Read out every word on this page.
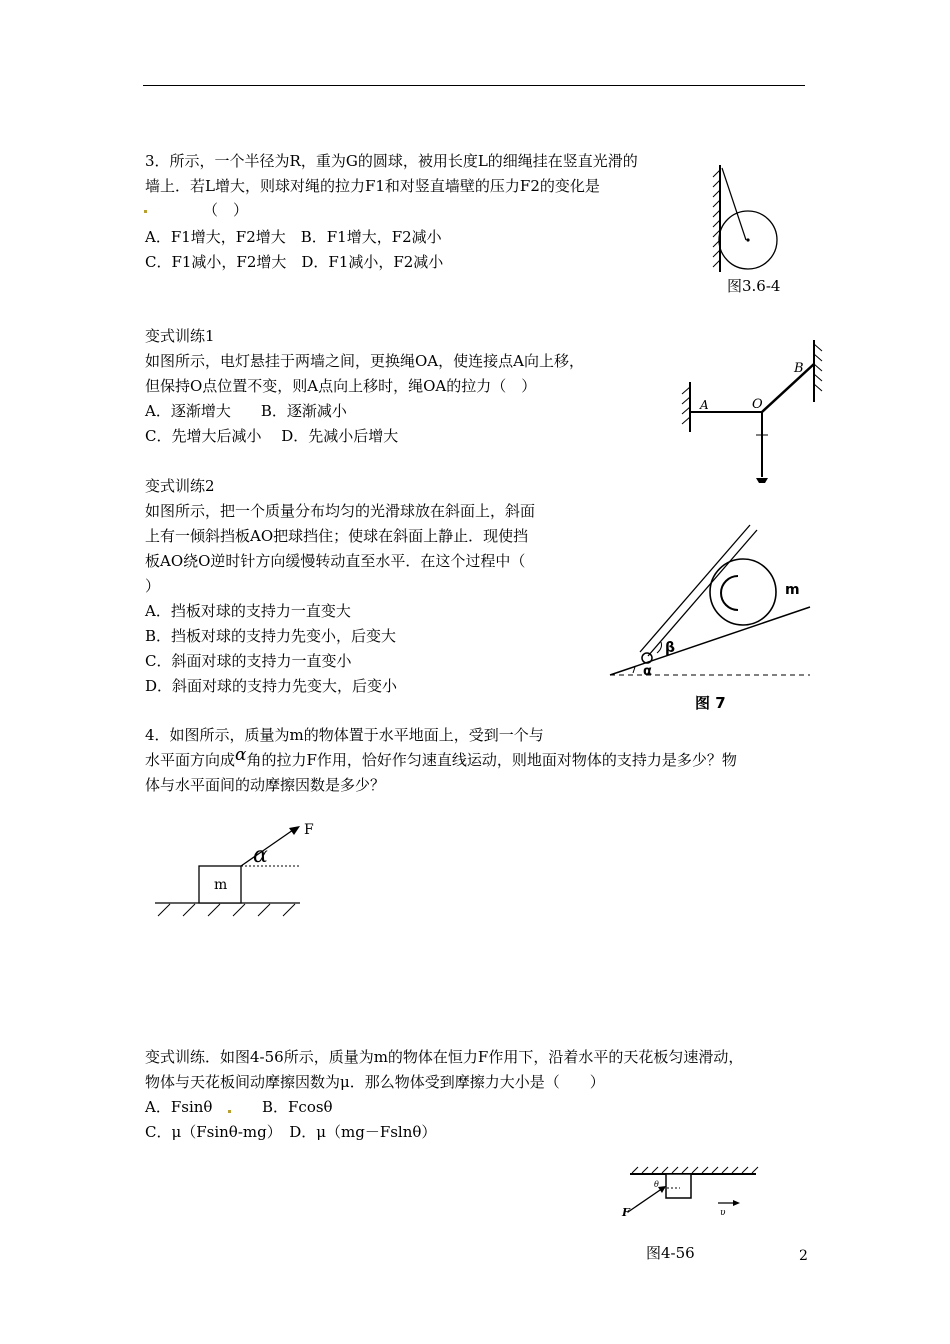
3．所示，一个半径为R，重为G的圆球，被用长度L的细绳挂在竖直光滑的
墙上．若L增大，则球对绳的拉力F1和对竖直墙壁的压力F2的变化是
（　）
A．F1增大，F2增大　B．F1增大，F2减小
C．F1减小，F2增大　D．F1减小，F2减小
图3.6-4
变式训练1
如图所示，电灯悬挂于两墙之间，更换绳OA，使连接点A向上移，
但保持O点位置不变，则A点向上移时，绳OA的拉力（　）
A．逐渐增大　　B．逐渐减小
C．先增大后减小　 D．先减小后增大
A	O
B
变式训练2
如图所示，把一个质量分布均匀的光滑球放在斜面上，斜面
上有一倾斜挡板AO把球挡住；使球在斜面上静止．现使挡
板AO绕O逆时针方向缓慢转动直至水平．在这个过程中（
）
A．挡板对球的支持力一直变大
B．挡板对球的支持力先变小，后变大
C．斜面对球的支持力一直变小
D．斜面对球的支持力先变大，后变小
m
β
α
图 7
4．如图所示，质量为m的物体置于水平地面上，受到一个与
水平面方向成α角的拉力F作用，恰好作匀速直线运动，则地面对物体的支持力是多少？物
体与水平面间的动摩擦因数是多少？
F
α
m
变式训练．如图4-56所示，质量为m的物体在恒力F作用下，沿着水平的天花板匀速滑动，
物体与天花板间动摩擦因数为μ．那么物体受到摩擦力大小是（　　）
A．Fsinθ	B．Fcosθ
C．μ（Fsinθ-mg）　D．μ（mg－Fslnθ）
F
θ
υ
图4-56	2
